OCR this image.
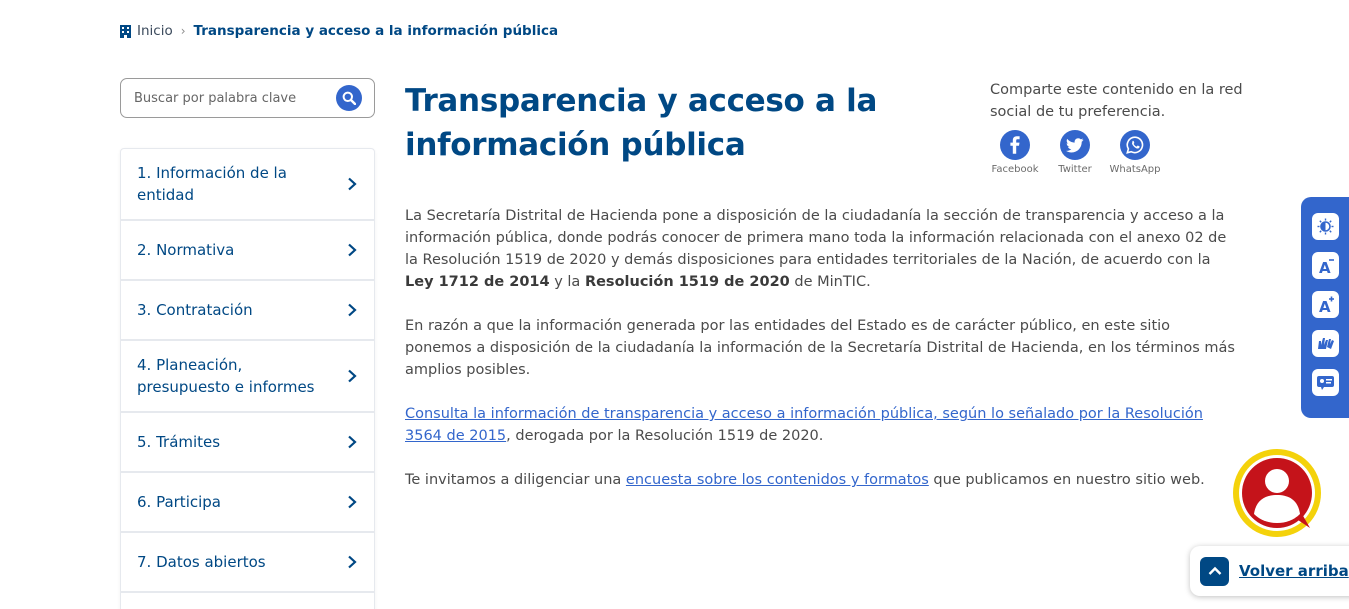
Inicio › Transparencia y acceso a la información pública
Buscar por palabra clave
1. Información de la entidad
2. Normativa
3. Contratación
4. Planeación, presupuesto e informes
5. Trámites
6. Participa
7. Datos abiertos
Transparencia y acceso a la información pública
Comparte este contenido en la red social de tu preferencia.
Facebook Twitter WhatsApp

La Secretaría Distrital de Hacienda pone a disposición de la ciudadanía la sección de transparencia y acceso a la información pública, donde podrás conocer de primera mano toda la información relacionada con el anexo 02 de la Resolución 1519 de 2020 y demás disposiciones para entidades territoriales de la Nación, de acuerdo con la Ley 1712 de 2014 y la Resolución 1519 de 2020 de MinTIC.

En razón a que la información generada por las entidades del Estado es de carácter público, en este sitio ponemos a disposición de la ciudadanía la información de la Secretaría Distrital de Hacienda, en los términos más amplios posibles.

Consulta la información de transparencia y acceso a información pública, según lo señalado por la Resolución 3564 de 2015, derogada por la Resolución 1519 de 2020.

Te invitamos a diligenciar una encuesta sobre los contenidos y formatos que publicamos en nuestro sitio web.

A
A
Volver arriba
